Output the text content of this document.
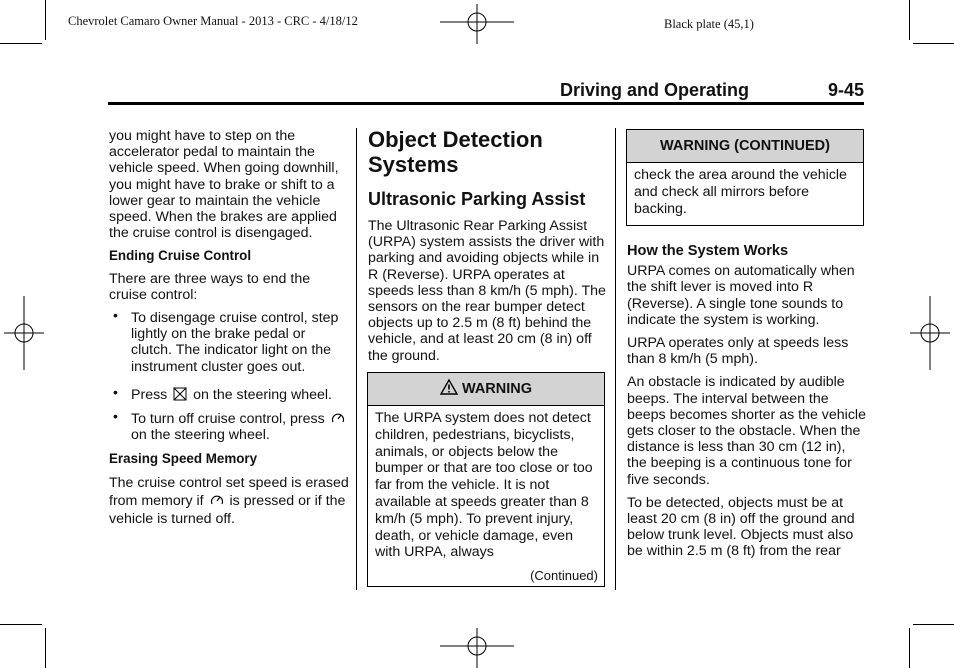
Chevrolet Camaro Owner Manual - 2013 - CRC - 4/18/12	Black plate (45,1)
Driving and Operating	9-45

you might have to step on the accelerator pedal to maintain the vehicle speed. When going downhill, you might have to brake or shift to a lower gear to maintain the vehicle speed. When the brakes are applied the cruise control is disengaged.

Ending Cruise Control

There are three ways to end the cruise control:

• To disengage cruise control, step lightly on the brake pedal or clutch. The indicator light on the instrument cluster goes out.
• Press on the steering wheel.
• To turn off cruise control, press  on the steering wheel.
Erasing Speed Memory

The cruise control set speed is erased from memory if is pressed or if the vehicle is turned off.

Object Detection Systems
Ultrasonic Parking Assist

The Ultrasonic Rear Parking Assist (URPA) system assists the driver with parking and avoiding objects while in R (Reverse). URPA operates at speeds less than 8 km/h (5 mph). The sensors on the rear bumper detect objects up to 2.5 m (8 ft) behind the vehicle, and at least 20 cm (8 in) off the ground.

WARNING
The URPA system does not detect children, pedestrians, bicyclists, animals, or objects below the bumper or that are too close or too far from the vehicle. It is not available at speeds greater than 8 km/h (5 mph). To prevent injury, death, or vehicle damage, even with URPA, always
(Continued)
WARNING (CONTINUED)
check the area around the vehicle and check all mirrors before backing.
How the System Works

URPA comes on automatically when the shift lever is moved into R (Reverse). A single tone sounds to indicate the system is working.

URPA operates only at speeds less than 8 km/h (5 mph).

An obstacle is indicated by audible beeps. The interval between the beeps becomes shorter as the vehicle gets closer to the obstacle. When the distance is less than 30 cm (12 in), the beeping is a continuous tone for five seconds.

To be detected, objects must be at least 20 cm (8 in) off the ground and below trunk level. Objects must also be within 2.5 m (8 ft) from the rear
